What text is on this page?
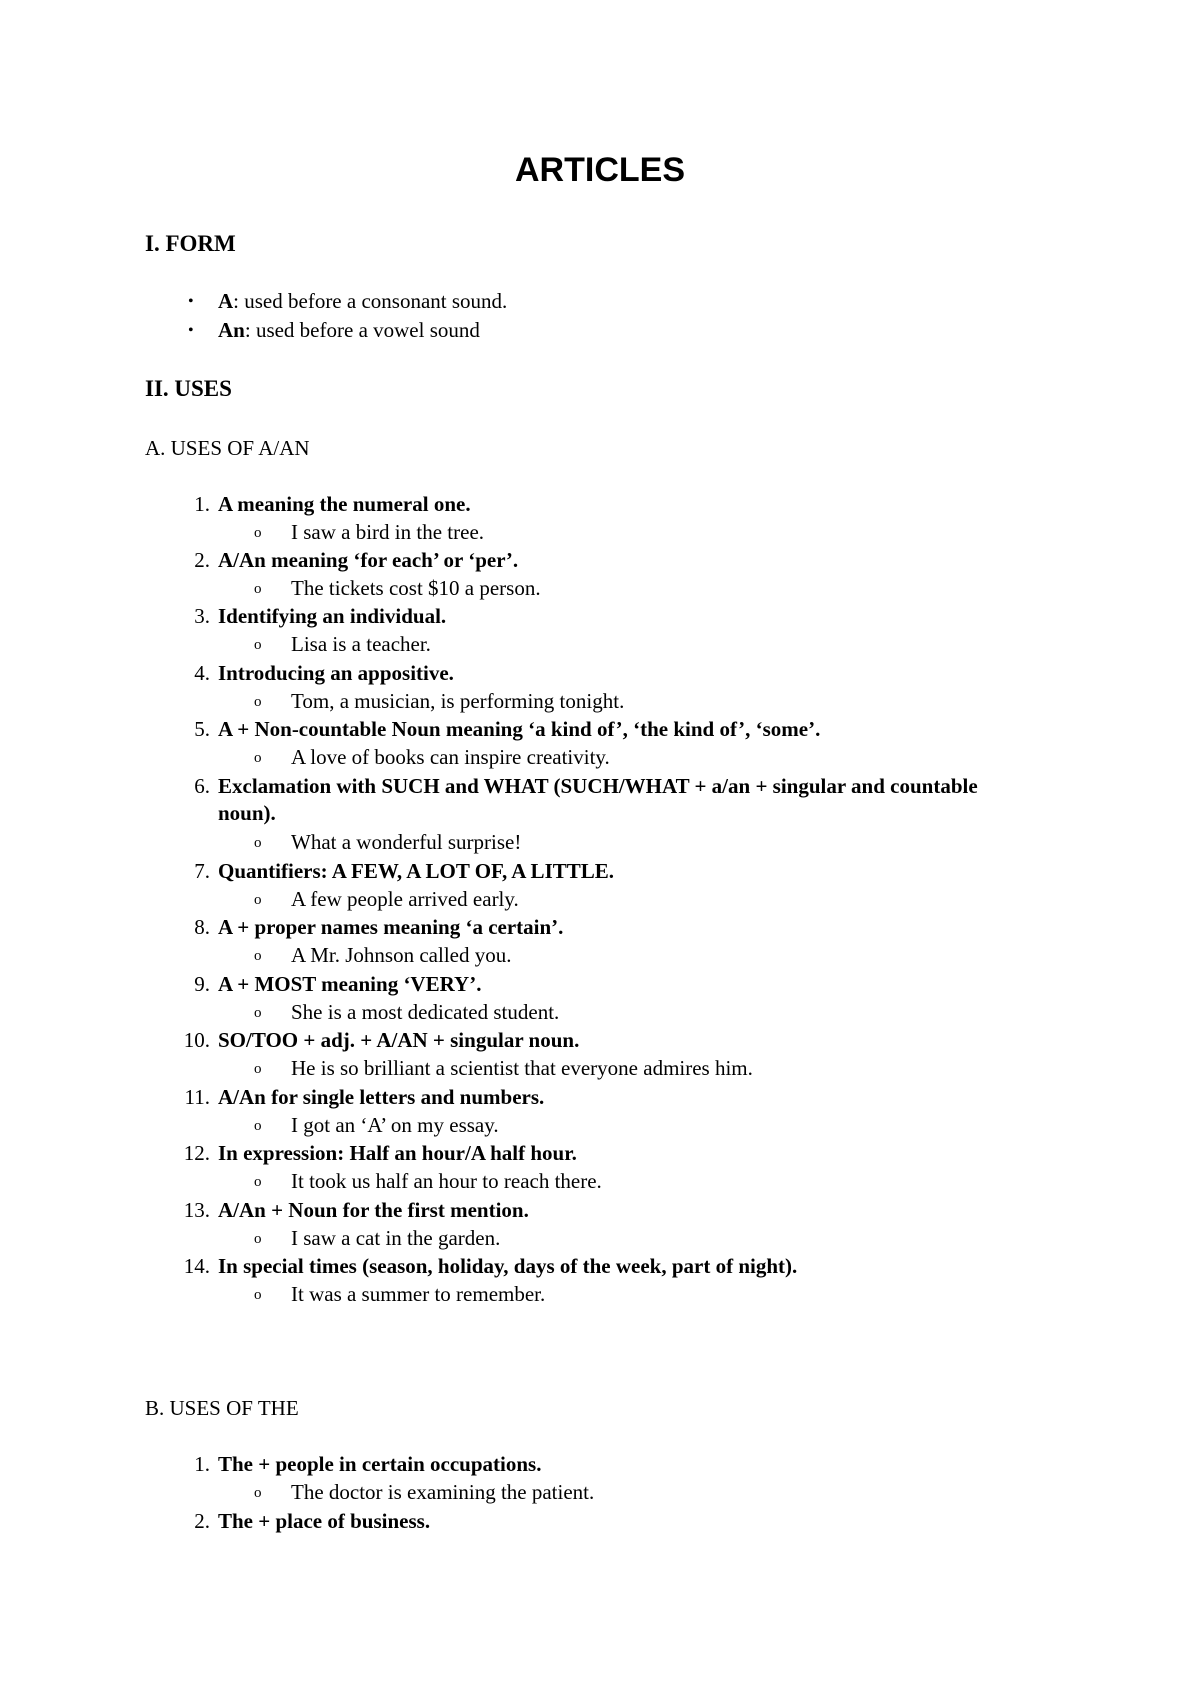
ARTICLES

I. FORM

• A: used before a consonant sound.

• An: used before a vowel sound

II. USES

A. USES OF A/AN

1. A meaning the numeral one.

o I saw a bird in the tree.

2. A/An meaning ‘for each’ or ‘per’.

o The tickets cost $10 a person.

3. Identifying an individual.

o Lisa is a teacher.

4. Introducing an appositive.

o Tom, a musician, is performing tonight.

5. A + Non-countable Noun meaning ‘a kind of’, ‘the kind of’, ‘some’.

o A love of books can inspire creativity.

6. Exclamation with SUCH and WHAT (SUCH/WHAT + a/an + singular and countable noun).

o What a wonderful surprise!

7. Quantifiers: A FEW, A LOT OF, A LITTLE.

o A few people arrived early.

8. A + proper names meaning ‘a certain’.

o A Mr. Johnson called you.

9. A + MOST meaning ‘VERY’.

o She is a most dedicated student.

10. SO/TOO + adj. + A/AN + singular noun.

o He is so brilliant a scientist that everyone admires him.

11. A/An for single letters and numbers.

o I got an ‘A’ on my essay.

12. In expression: Half an hour/A half hour.

o It took us half an hour to reach there.

13. A/An + Noun for the first mention.

o I saw a cat in the garden.

14. In special times (season, holiday, days of the week, part of night).

o It was a summer to remember.

B. USES OF THE

1. The + people in certain occupations.

o The doctor is examining the patient.

2. The + place of business.
